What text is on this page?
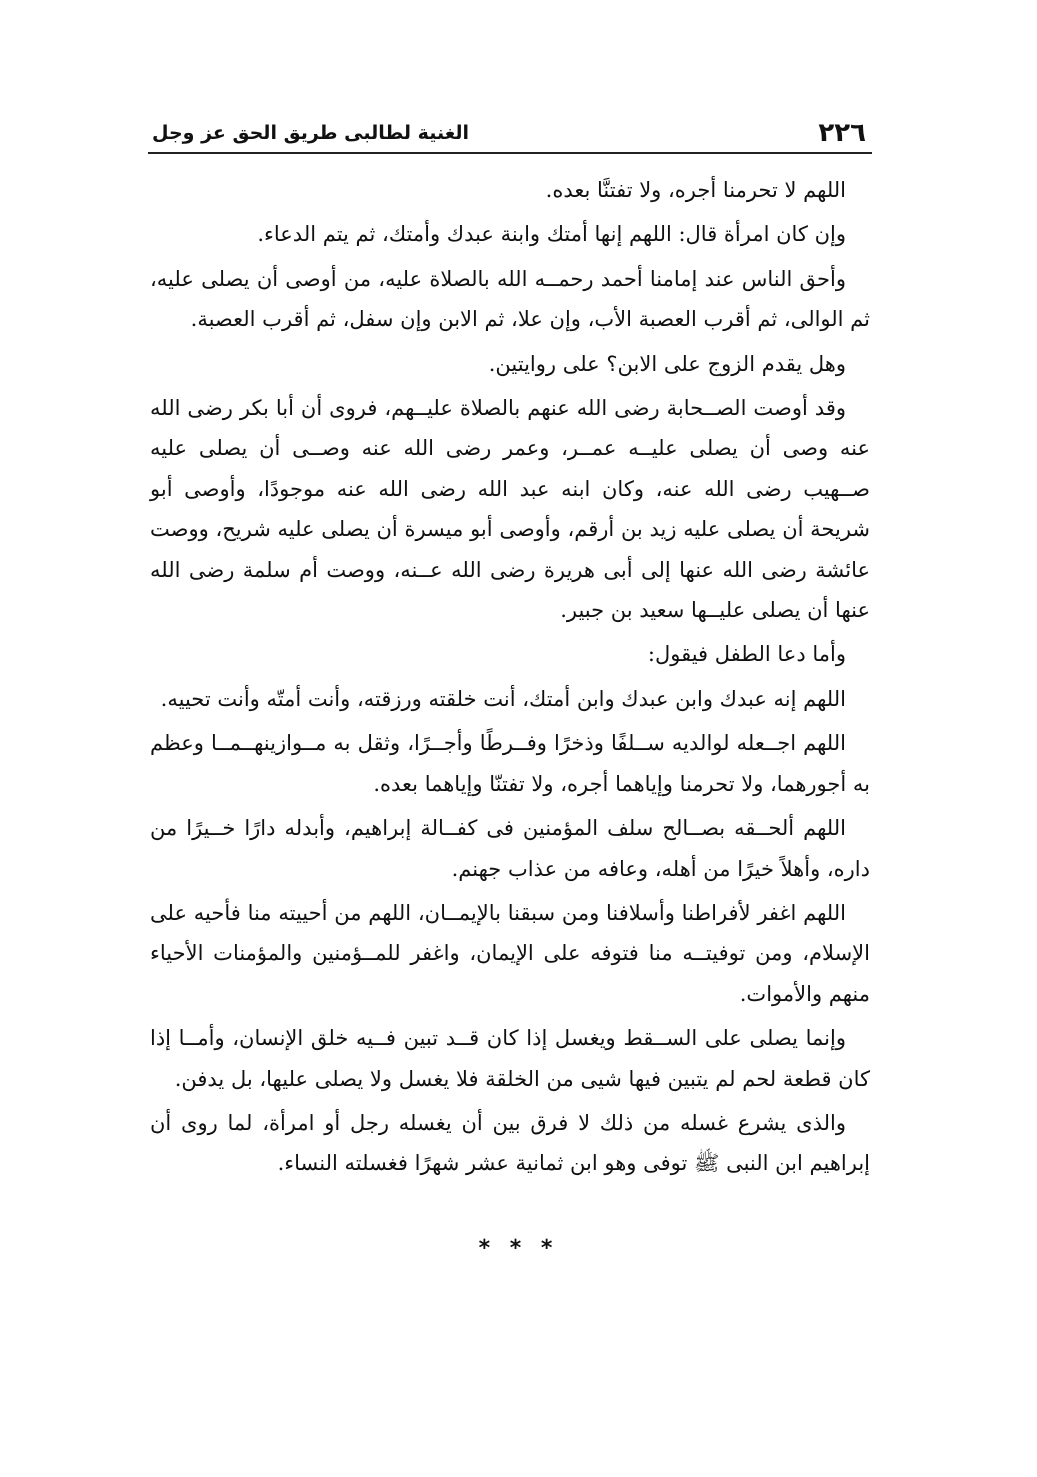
٢٢٦
الغنية لطالبى طريق الحق عز وجل

اللهم لا تحرمنا أجره، ولا تفتنَّا بعده.

وإن كان امرأة قال: اللهم إنها أمتك وابنة عبدك وأمتك، ثم يتم الدعاء.

وأحق الناس عند إمامنا أحمد رحمــه الله بالصلاة عليه، من أوصى أن يصلى عليه، ثم الوالى، ثم أقرب العصبة الأب، وإن علا، ثم الابن وإن سفل، ثم أقرب العصبة.

وهل يقدم الزوج على الابن؟ على روايتين.

وقد أوصت الصــحابة رضى الله عنهم بالصلاة عليــهم، فروى أن أبا بكر رضى الله عنه وصى أن يصلى عليــه عمــر، وعمر رضى الله عنه وصــى أن يصلى عليه صــهيب رضى الله عنه، وكان ابنه عبد الله رضى الله عنه موجودًا، وأوصى أبو شريحة أن يصلى عليه زيد بن أرقم، وأوصى أبو ميسرة أن يصلى عليه شريح، ووصت عائشة رضى الله عنها إلى أبى هريرة رضى الله عــنه، ووصت أم سلمة رضى الله عنها أن يصلى عليــها سعيد بن جبير.

وأما دعا الطفل فيقول:

اللهم إنه عبدك وابن عبدك وابن أمتك، أنت خلقته ورزقته، وأنت أمتّه وأنت تحييه.

اللهم اجــعله لوالديه ســلفًا وذخرًا وفــرطًا وأجــرًا، وثقل به مــوازينهــمــا وعظم به أجورهما، ولا تحرمنا وإياهما أجره، ولا تفتنّا وإياهما بعده.

اللهم ألحــقه بصــالح سلف المؤمنين فى كفــالة إبراهيم، وأبدله دارًا خــيرًا من داره، وأهلاً خيرًا من أهله، وعافه من عذاب جهنم.

اللهم اغفر لأفراطنا وأسلافنا ومن سبقنا بالإيمــان، اللهم من أحييته منا فأحيه على الإسلام، ومن توفيتــه منا فتوفه على الإيمان، واغفر للمــؤمنين والمؤمنات الأحياء منهم والأموات.

وإنما يصلى على الســقط ويغسل إذا كان قــد تبين فــيه خلق الإنسان، وأمــا إذا كان قطعة لحم لم يتبين فيها شيى من الخلقة فلا يغسل ولا يصلى عليها، بل يدفن.

والذى يشرع غسله من ذلك لا فرق بين أن يغسله رجل أو امرأة، لما روى أن إبراهيم ابن النبى ﷺ توفى وهو ابن ثمانية عشر شهرًا فغسلته النساء.

* * *
